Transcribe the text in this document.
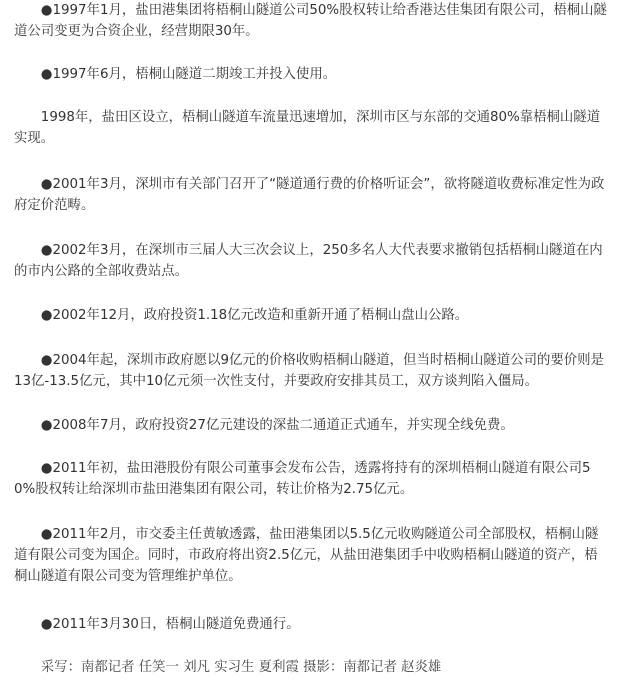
●1997年1月，盐田港集团将梧桐山隧道公司50%股权转让给香港达佳集团有限公司，梧桐山隧道公司变更为合资企业，经营期限30年。

●1997年6月，梧桐山隧道二期竣工并投入使用。

1998年，盐田区设立，梧桐山隧道车流量迅速增加，深圳市区与东部的交通80%靠梧桐山隧道实现。

●2001年3月，深圳市有关部门召开了“隧道通行费的价格听证会”，欲将隧道收费标准定性为政府定价范畴。

●2002年3月，在深圳市三届人大三次会议上，250多名人大代表要求撤销包括梧桐山隧道在内的市内公路的全部收费站点。

●2002年12月，政府投资1.18亿元改造和重新开通了梧桐山盘山公路。

●2004年起，深圳市政府愿以9亿元的价格收购梧桐山隧道，但当时梧桐山隧道公司的要价则是13亿-13.5亿元，其中10亿元须一次性支付，并要政府安排其员工，双方谈判陷入僵局。

●2008年7月，政府投资27亿元建设的深盐二通道正式通车，并实现全线免费。

●2011年初，盐田港股份有限公司董事会发布公告，透露将持有的深圳梧桐山隧道有限公司50%股权转让给深圳市盐田港集团有限公司，转让价格为2.75亿元。

●2011年2月，市交委主任黄敏透露，盐田港集团以5.5亿元收购隧道公司全部股权，梧桐山隧道有限公司变为国企。同时，市政府将出资2.5亿元，从盐田港集团手中收购梧桐山隧道的资产，梧桐山隧道有限公司变为管理维护单位。

●2011年3月30日，梧桐山隧道免费通行。

采写：南都记者 任笑一 刘凡 实习生 夏利霞 摄影：南都记者 赵炎雄
